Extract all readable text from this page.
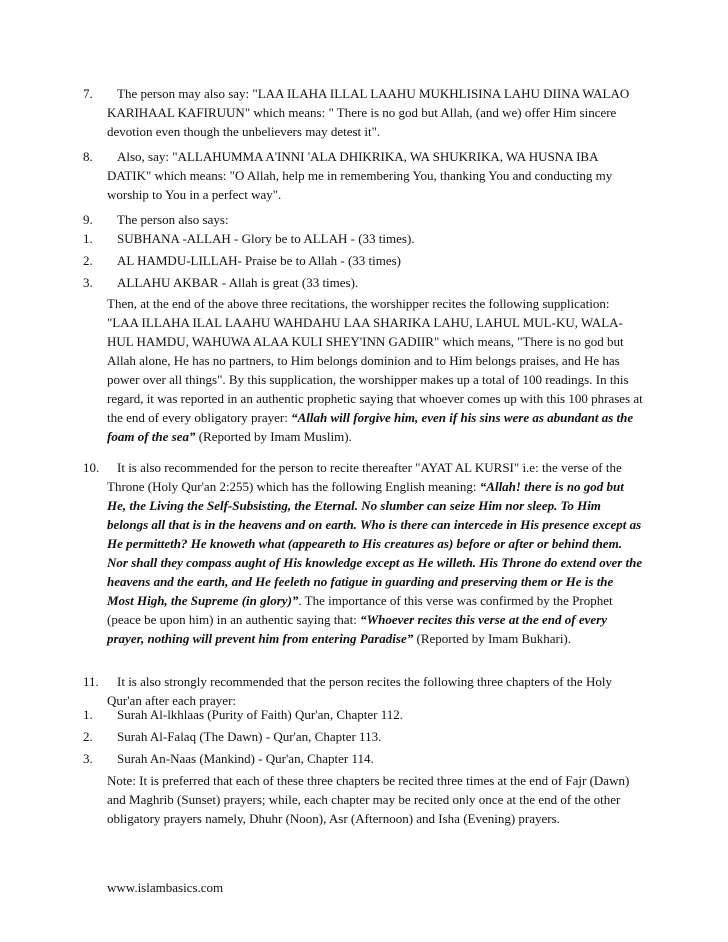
7.	The person may also say: "LAA ILAHA ILLAL LAAHU MUKHLISINA LAHU DIINA WALAO KARIHAAL KAFIRUUN" which means: " There is no god but Allah, (and we) offer Him sincere devotion even though the unbelievers may detest it".
8.	Also, say: "ALLAHUMMA A'INNI 'ALA DHIKRIKA, WA SHUKRIKA, WA HUSNA IBA DATIK" which means: "O Allah, help me in remembering You, thanking You and conducting my worship to You in a perfect way".
9.	The person also says:
1.	SUBHANA -ALLAH - Glory be to ALLAH - (33 times).
2.	AL HAMDU-LILLAH- Praise be to Allah - (33 times)
3.	ALLAHU AKBAR - Allah is great (33 times).
Then, at the end of the above three recitations, the worshipper recites the following supplication: "LAA ILLAHA ILAL LAAHU WAHDAHU LAA SHARIKA LAHU, LAHUL MUL-KU, WALA-HUL HAMDU, WAHUWA ALAA KULI SHEY'INN GADIIR" which means, "There is no god but Allah alone, He has no partners, to Him belongs dominion and to Him belongs praises, and He has power over all things". By this supplication, the worshipper makes up a total of 100 readings. In this regard, it was reported in an authentic prophetic saying that whoever comes up with this 100 phrases at the end of every obligatory prayer: “Allah will forgive him, even if his sins were as abundant as the foam of the sea” (Reported by Imam Muslim).
10.	It is also recommended for the person to recite thereafter "AYAT AL KURSI" i.e: the verse of the Throne (Holy Qur'an 2:255) which has the following English meaning: “Allah! there is no god but He, the Living the Self-Subsisting, the Eternal. No slumber can seize Him nor sleep. To Him belongs all that is in the heavens and on earth. Who is there can intercede in His presence except as He permitteth? He knoweth what (appeareth to His creatures as) before or after or behind them. Nor shall they compass aught of His knowledge except as He willeth. His Throne do extend over the heavens and the earth, and He feeleth no fatigue in guarding and preserving them or He is the Most High, the Supreme (in glory)”. The importance of this verse was confirmed by the Prophet (peace be upon him) in an authentic saying that: “Whoever recites this verse at the end of every prayer, nothing will prevent him from entering Paradise” (Reported by Imam Bukhari).
11.	It is also strongly recommended that the person recites the following three chapters of the Holy Qur'an after each prayer:
1.	Surah Al-lkhlaas (Purity of Faith) Qur'an, Chapter 112.
2.	Surah Al-Falaq (The Dawn) - Qur'an, Chapter 113.
3.	Surah An-Naas (Mankind) - Qur'an, Chapter 114.
Note: It is preferred that each of these three chapters be recited three times at the end of Fajr (Dawn) and Maghrib (Sunset) prayers; while, each chapter may be recited only once at the end of the other obligatory prayers namely, Dhuhr (Noon), Asr (Afternoon) and Isha (Evening) prayers.
www.islambasics.com
